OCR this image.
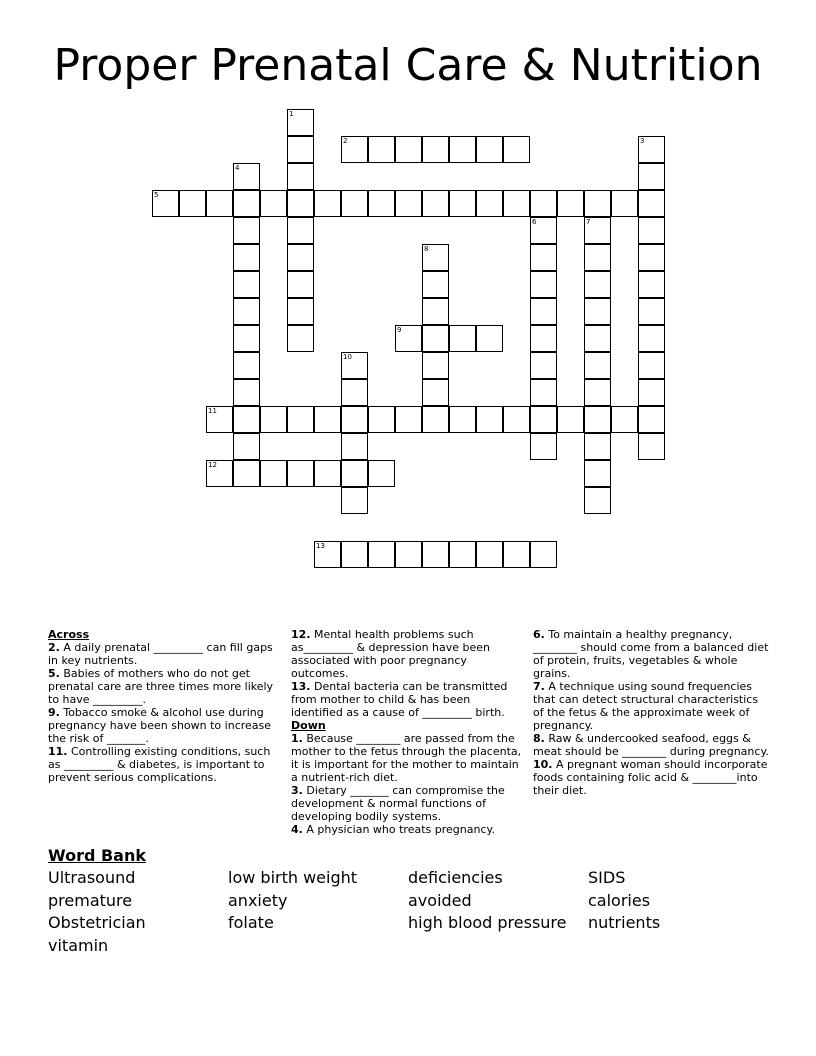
Proper Prenatal Care & Nutrition
1
2	3
4
5
6	7
8
9
10
11
12
13

Across

2. A daily prenatal _________ can fill gaps in key nutrients.

5. Babies of mothers who do not get prenatal care are three times more likely to have _________.

9. Tobacco smoke & alcohol use during pregnancy have been shown to increase the risk of _______.

11. Controlling existing conditions, such as _________ & diabetes, is important to prevent serious complications.

12. Mental health problems such as_________ & depression have been associated with poor pregnancy outcomes.

13. Dental bacteria can be transmitted from mother to child & has been identified as a cause of _________ birth.

Down

1. Because ________ are passed from the mother to the fetus through the placenta, it is important for the mother to maintain a nutrient-rich diet.

3. Dietary _______ can compromise the development & normal functions of developing bodily systems.

4. A physician who treats pregnancy.

6. To maintain a healthy pregnancy, ________ should come from a balanced diet of protein, fruits, vegetables & whole grains.

7. A technique using sound frequencies that can detect structural characteristics of the fetus & the approximate week of pregnancy.

8. Raw & undercooked seafood, eggs & meat should be ________ during pregnancy.

10. A pregnant woman should incorporate foods containing folic acid & ________into their diet.

Word Bank

Ultrasound
premature
Obstetrician
vitamin
low birth weight
anxiety
folate
deficiencies
avoided
high blood pressure
SIDS
calories
nutrients
